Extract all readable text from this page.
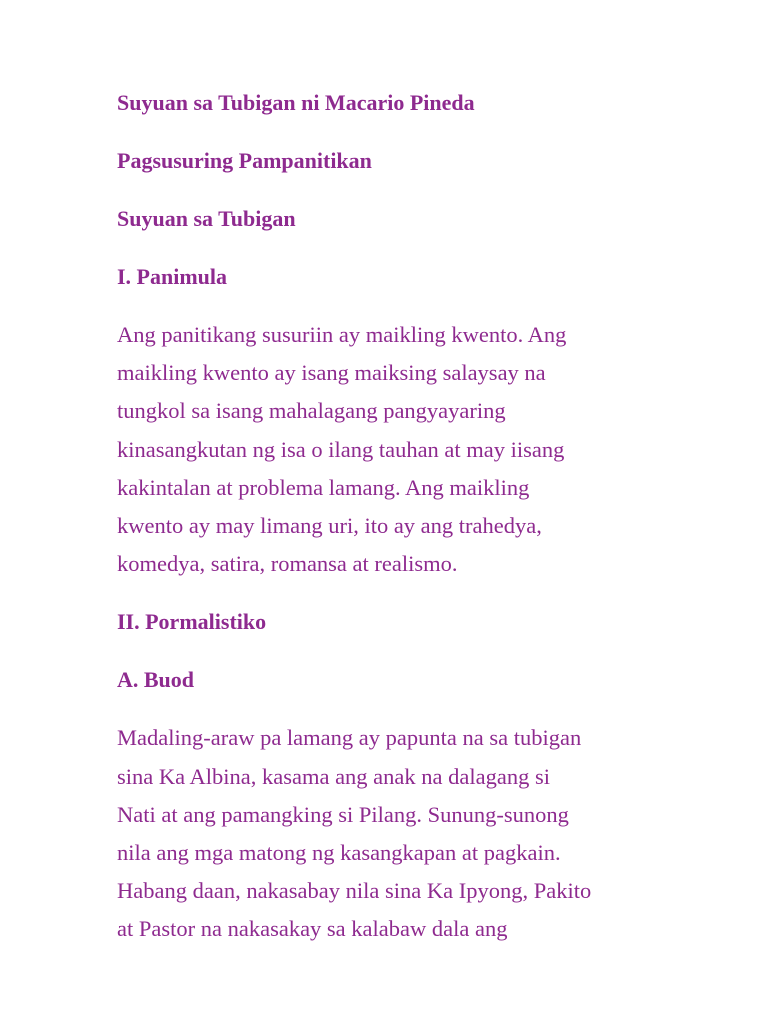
Suyuan sa Tubigan ni Macario Pineda
Pagsusuring Pampanitikan
Suyuan sa Tubigan
I. Panimula
Ang panitikang susuriin ay maikling kwento. Ang
maikling kwento ay isang maiksing salaysay na
tungkol sa isang mahalagang pangyayaring
kinasangkutan ng isa o ilang tauhan at may iisang
kakintalan at problema lamang. Ang maikling
kwento ay may limang uri, ito ay ang trahedya,
komedya, satira, romansa at realismo.
II. Pormalistiko
A. Buod
Madaling-araw pa lamang ay papunta na sa tubigan
sina Ka Albina, kasama ang anak na dalagang si
Nati at ang pamangking si Pilang. Sunung-sunong
nila ang mga matong ng kasangkapan at pagkain.
Habang daan, nakasabay nila sina Ka Ipyong, Pakito
at Pastor na nakasakay sa kalabaw dala ang
